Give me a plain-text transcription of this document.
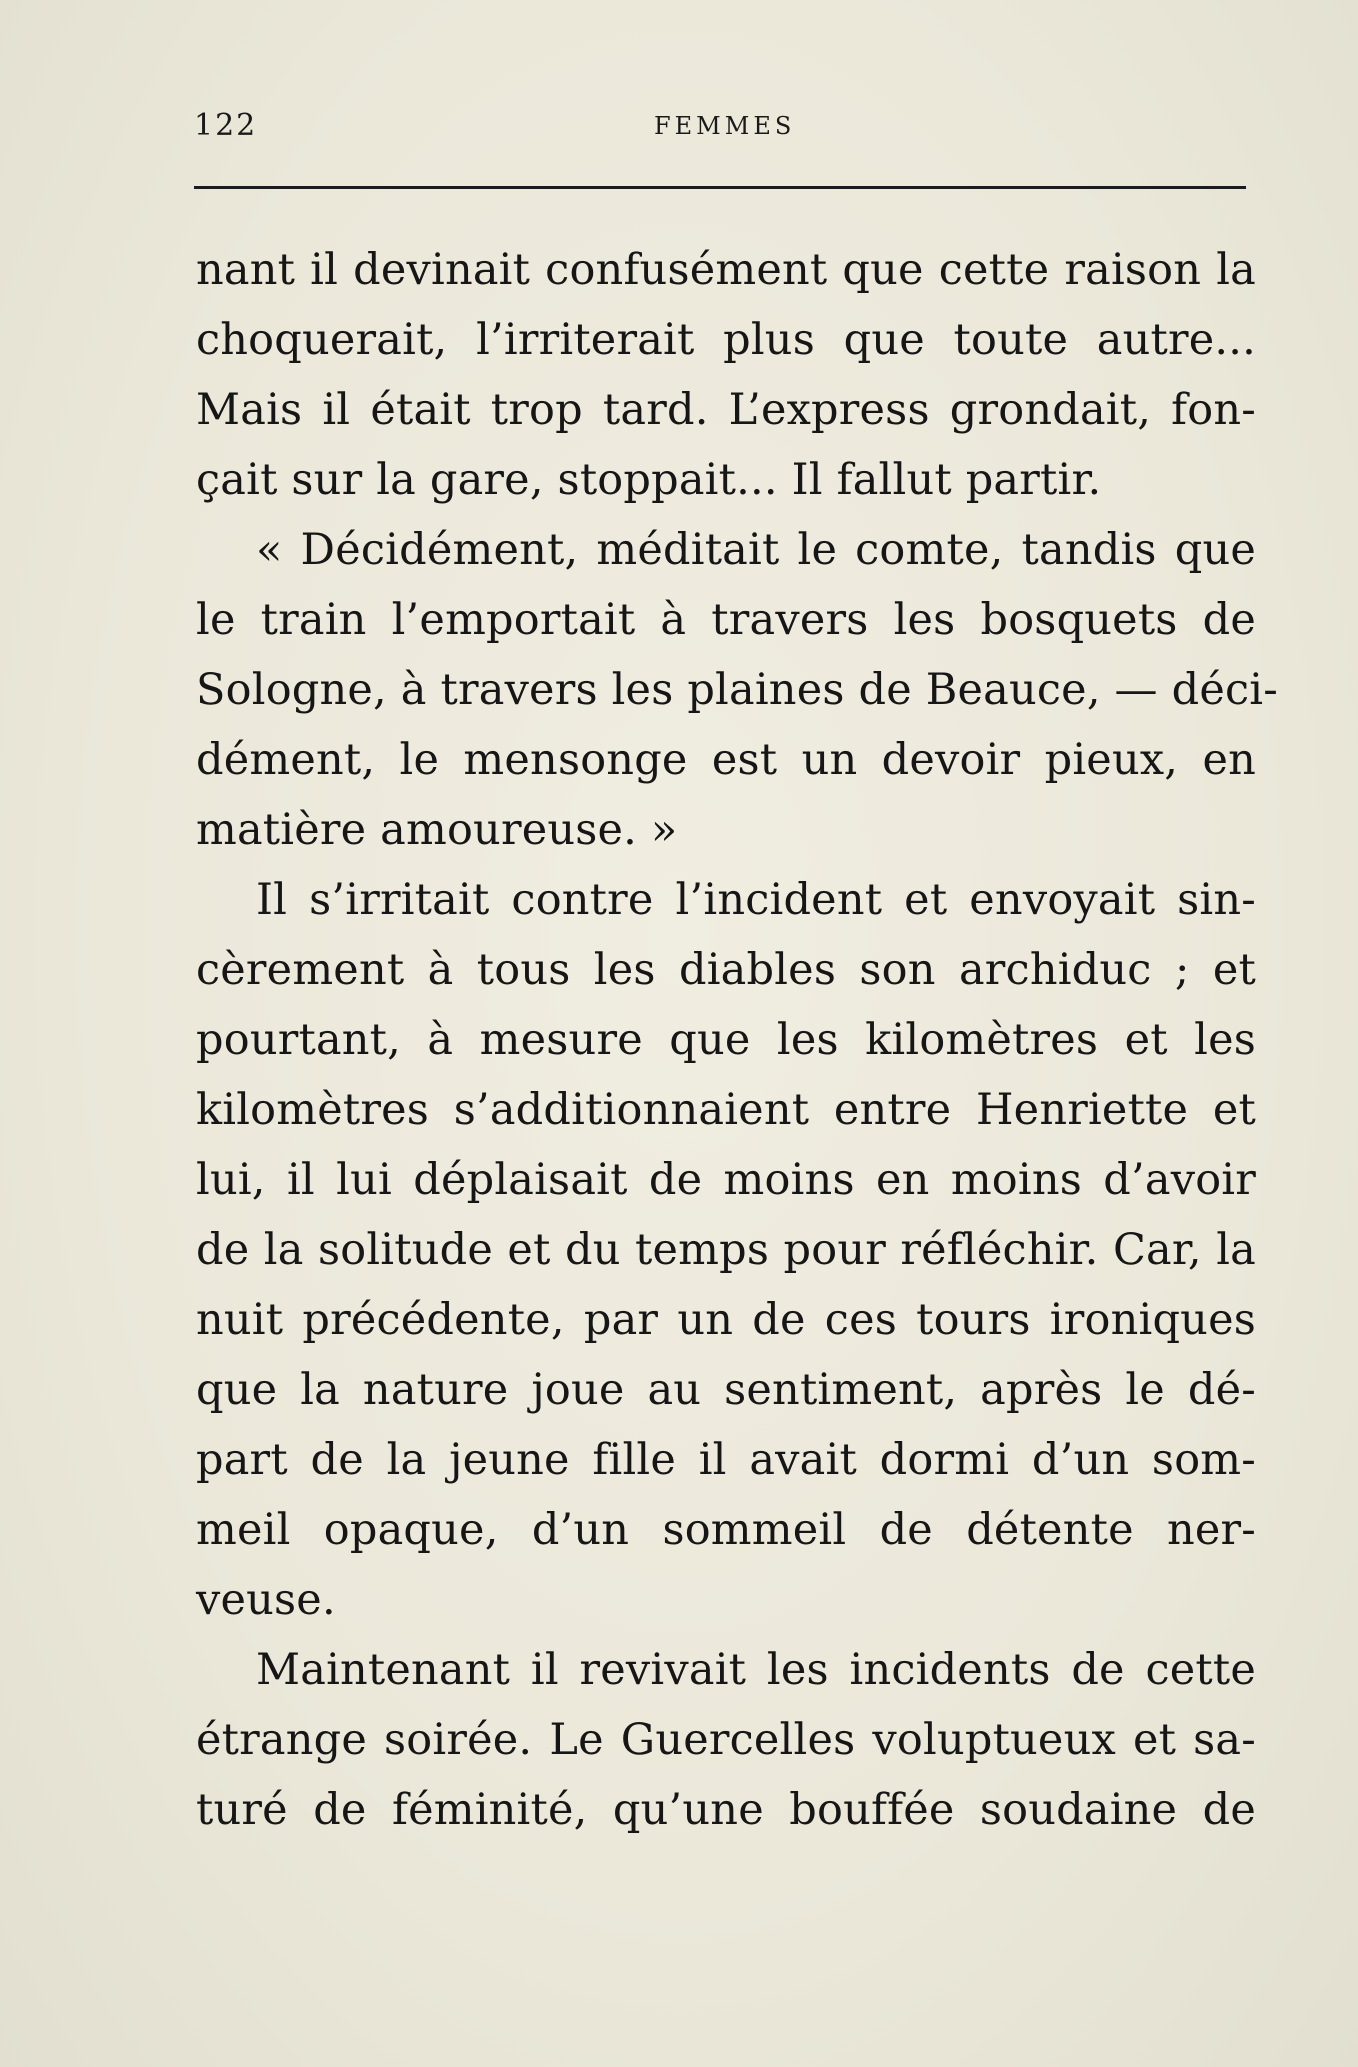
122	FEMMES
nant il devinait confusément que cette raison la
choquerait, l’irriterait plus que toute autre...
Mais il était trop tard. L’express grondait, fon-
çait sur la gare, stoppait... Il fallut partir.
« Décidément, méditait le comte, tandis que
le train l’emportait à travers les bosquets de
Sologne, à travers les plaines de Beauce, — déci-
dément, le mensonge est un devoir pieux, en
matière amoureuse. »
Il s’irritait contre l’incident et envoyait sin-
cèrement à tous les diables son archiduc ; et
pourtant, à mesure que les kilomètres et les
kilomètres s’additionnaient entre Henriette et
lui, il lui déplaisait de moins en moins d’avoir
de la solitude et du temps pour réfléchir. Car, la
nuit précédente, par un de ces tours ironiques
que la nature joue au sentiment, après le dé-
part de la jeune fille il avait dormi d’un som-
meil opaque, d’un sommeil de détente ner-
veuse.
Maintenant il revivait les incidents de cette
étrange soirée. Le Guercelles voluptueux et sa-
turé de féminité, qu’une bouffée soudaine de
